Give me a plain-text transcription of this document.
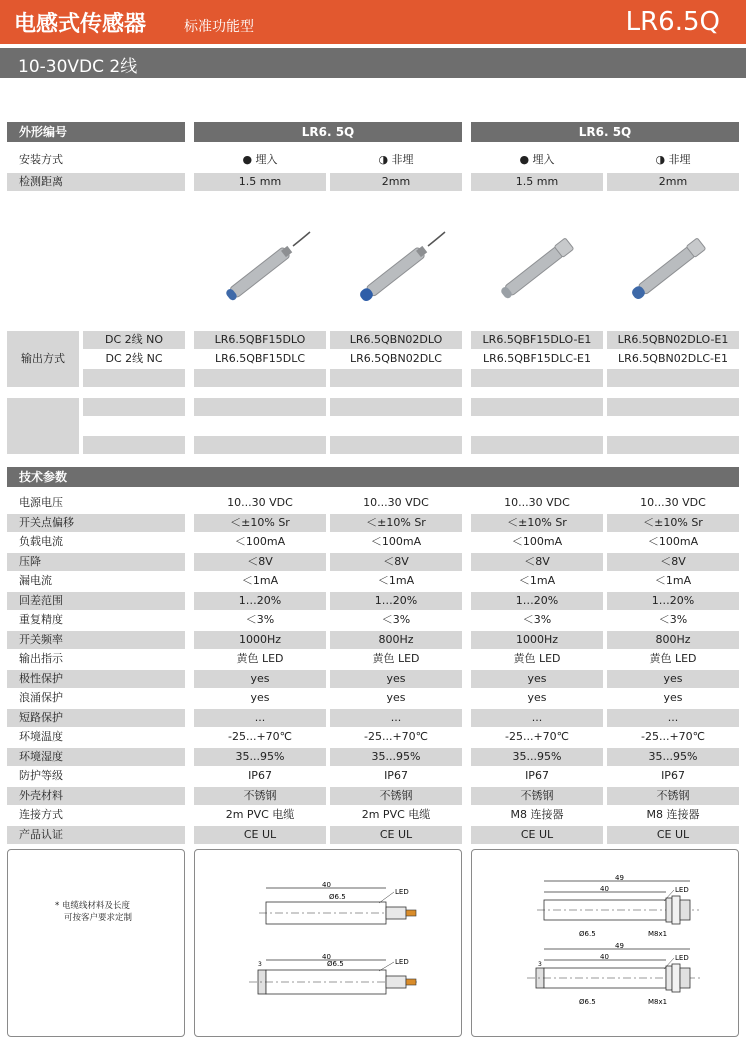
电感式传感器	标准功能型	LR6.5Q
10-30VDC 2线
外形编号	LR6. 5Q	LR6. 5Q
安装方式	● 埋入	◑ 非埋	● 埋入	◑ 非埋
检测距离	1.5 mm	2mm	1.5 mm	2mm
输出方式
DC 2线 NO	LR6.5QBF15DLO	LR6.5QBN02DLO	LR6.5QBF15DLO-E1	LR6.5QBN02DLO-E1
DC 2线 NC	LR6.5QBF15DLC	LR6.5QBN02DLC	LR6.5QBF15DLC-E1	LR6.5QBN02DLC-E1
技术参数
电源电压	10...30 VDC	10...30 VDC	10...30 VDC	10...30 VDC
开关点偏移	＜±10% Sr	＜±10% Sr	＜±10% Sr	＜±10% Sr
负载电流	＜100mA	＜100mA	＜100mA	＜100mA
压降	＜8V	＜8V	＜8V	＜8V
漏电流	＜1mA	＜1mA	＜1mA	＜1mA
回差范围	1…20%	1…20%	1…20%	1…20%
重复精度	＜3%	＜3%	＜3%	＜3%
开关频率	1000Hz	800Hz	1000Hz	800Hz
输出指示	黄色 LED	黄色 LED	黄色 LED	黄色 LED
极性保护	yes	yes	yes	yes
浪涌保护	yes	yes	yes	yes
短路保护	...	...	...	...
环境温度	-25...+70℃	-25...+70℃	-25...+70℃	-25...+70℃
环境湿度	35...95%	35...95%	35...95%	35...95%
防护等级	IP67	IP67	IP67	IP67
外壳材料	不锈钢	不锈钢	不锈钢	不锈钢
连接方式	2m PVC 电缆	2m PVC 电缆	M8 连接器	M8 连接器
产品认证	CE UL	CE UL	CE UL	CE UL
* 电缆线材料及长度
可按客户要求定制
40
Ø6.5
LED
40
Ø6.5
3	LED
49
40	LED
Ø6.5	M8x1
49
40
3
LED
Ø6.5	M8x1
